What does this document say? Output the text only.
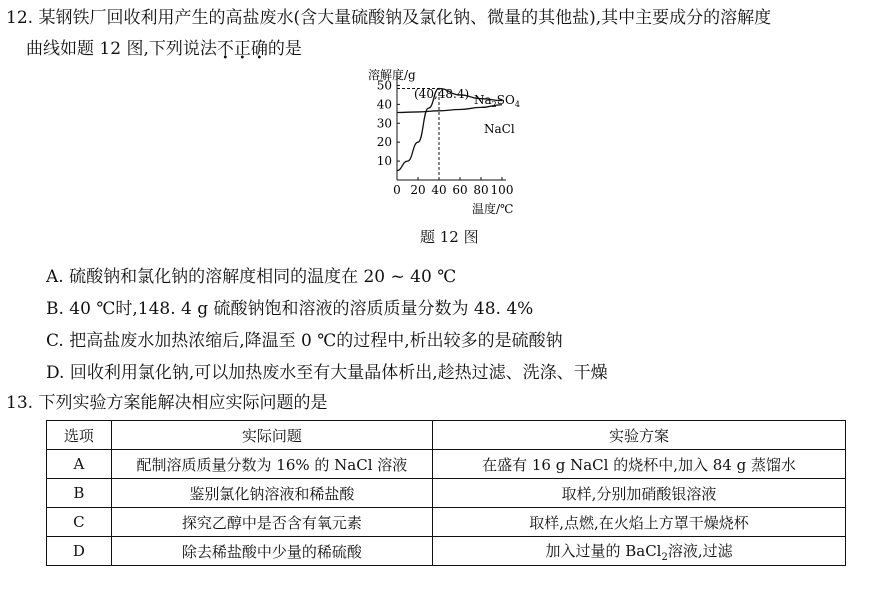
12. 某钢铁厂回收利用产生的高盐废水(含大量硫酸钠及氯化钠、微量的其他盐),其中主要成分的溶解度
曲线如题 12 图,下列说法不正确的是
溶解度/g
温度/℃
(40,48.4) $Na_2SO_4$
NaCl
0 20 40 60 80 100
10
20
30
40
50
题 12 图
A. 硫酸钠和氯化钠的溶解度相同的温度在 20 ~ 40 ℃
B. 40 ℃时,148. 4 g 硫酸钠饱和溶液的溶质质量分数为 48. 4%
C. 把高盐废水加热浓缩后,降温至 0 ℃的过程中,析出较多的是硫酸钠
D. 回收利用氯化钠,可以加热废水至有大量晶体析出,趁热过滤、洗涤、干燥
13. 下列实验方案能解决相应实际问题的是
选项	实际问题	实验方案
A	配制溶质质量分数为 16% 的 NaCl 溶液	在盛有 16 g NaCl 的烧杯中,加入 84 g 蒸馏水
B	鉴别氯化钠溶液和稀盐酸	取样,分别加硝酸银溶液
C	探究乙醇中是否含有氧元素	取样,点燃,在火焰上方罩干燥烧杯
D	除去稀盐酸中少量的稀硫酸	加入过量的 BaCl$_2$溶液,过滤
